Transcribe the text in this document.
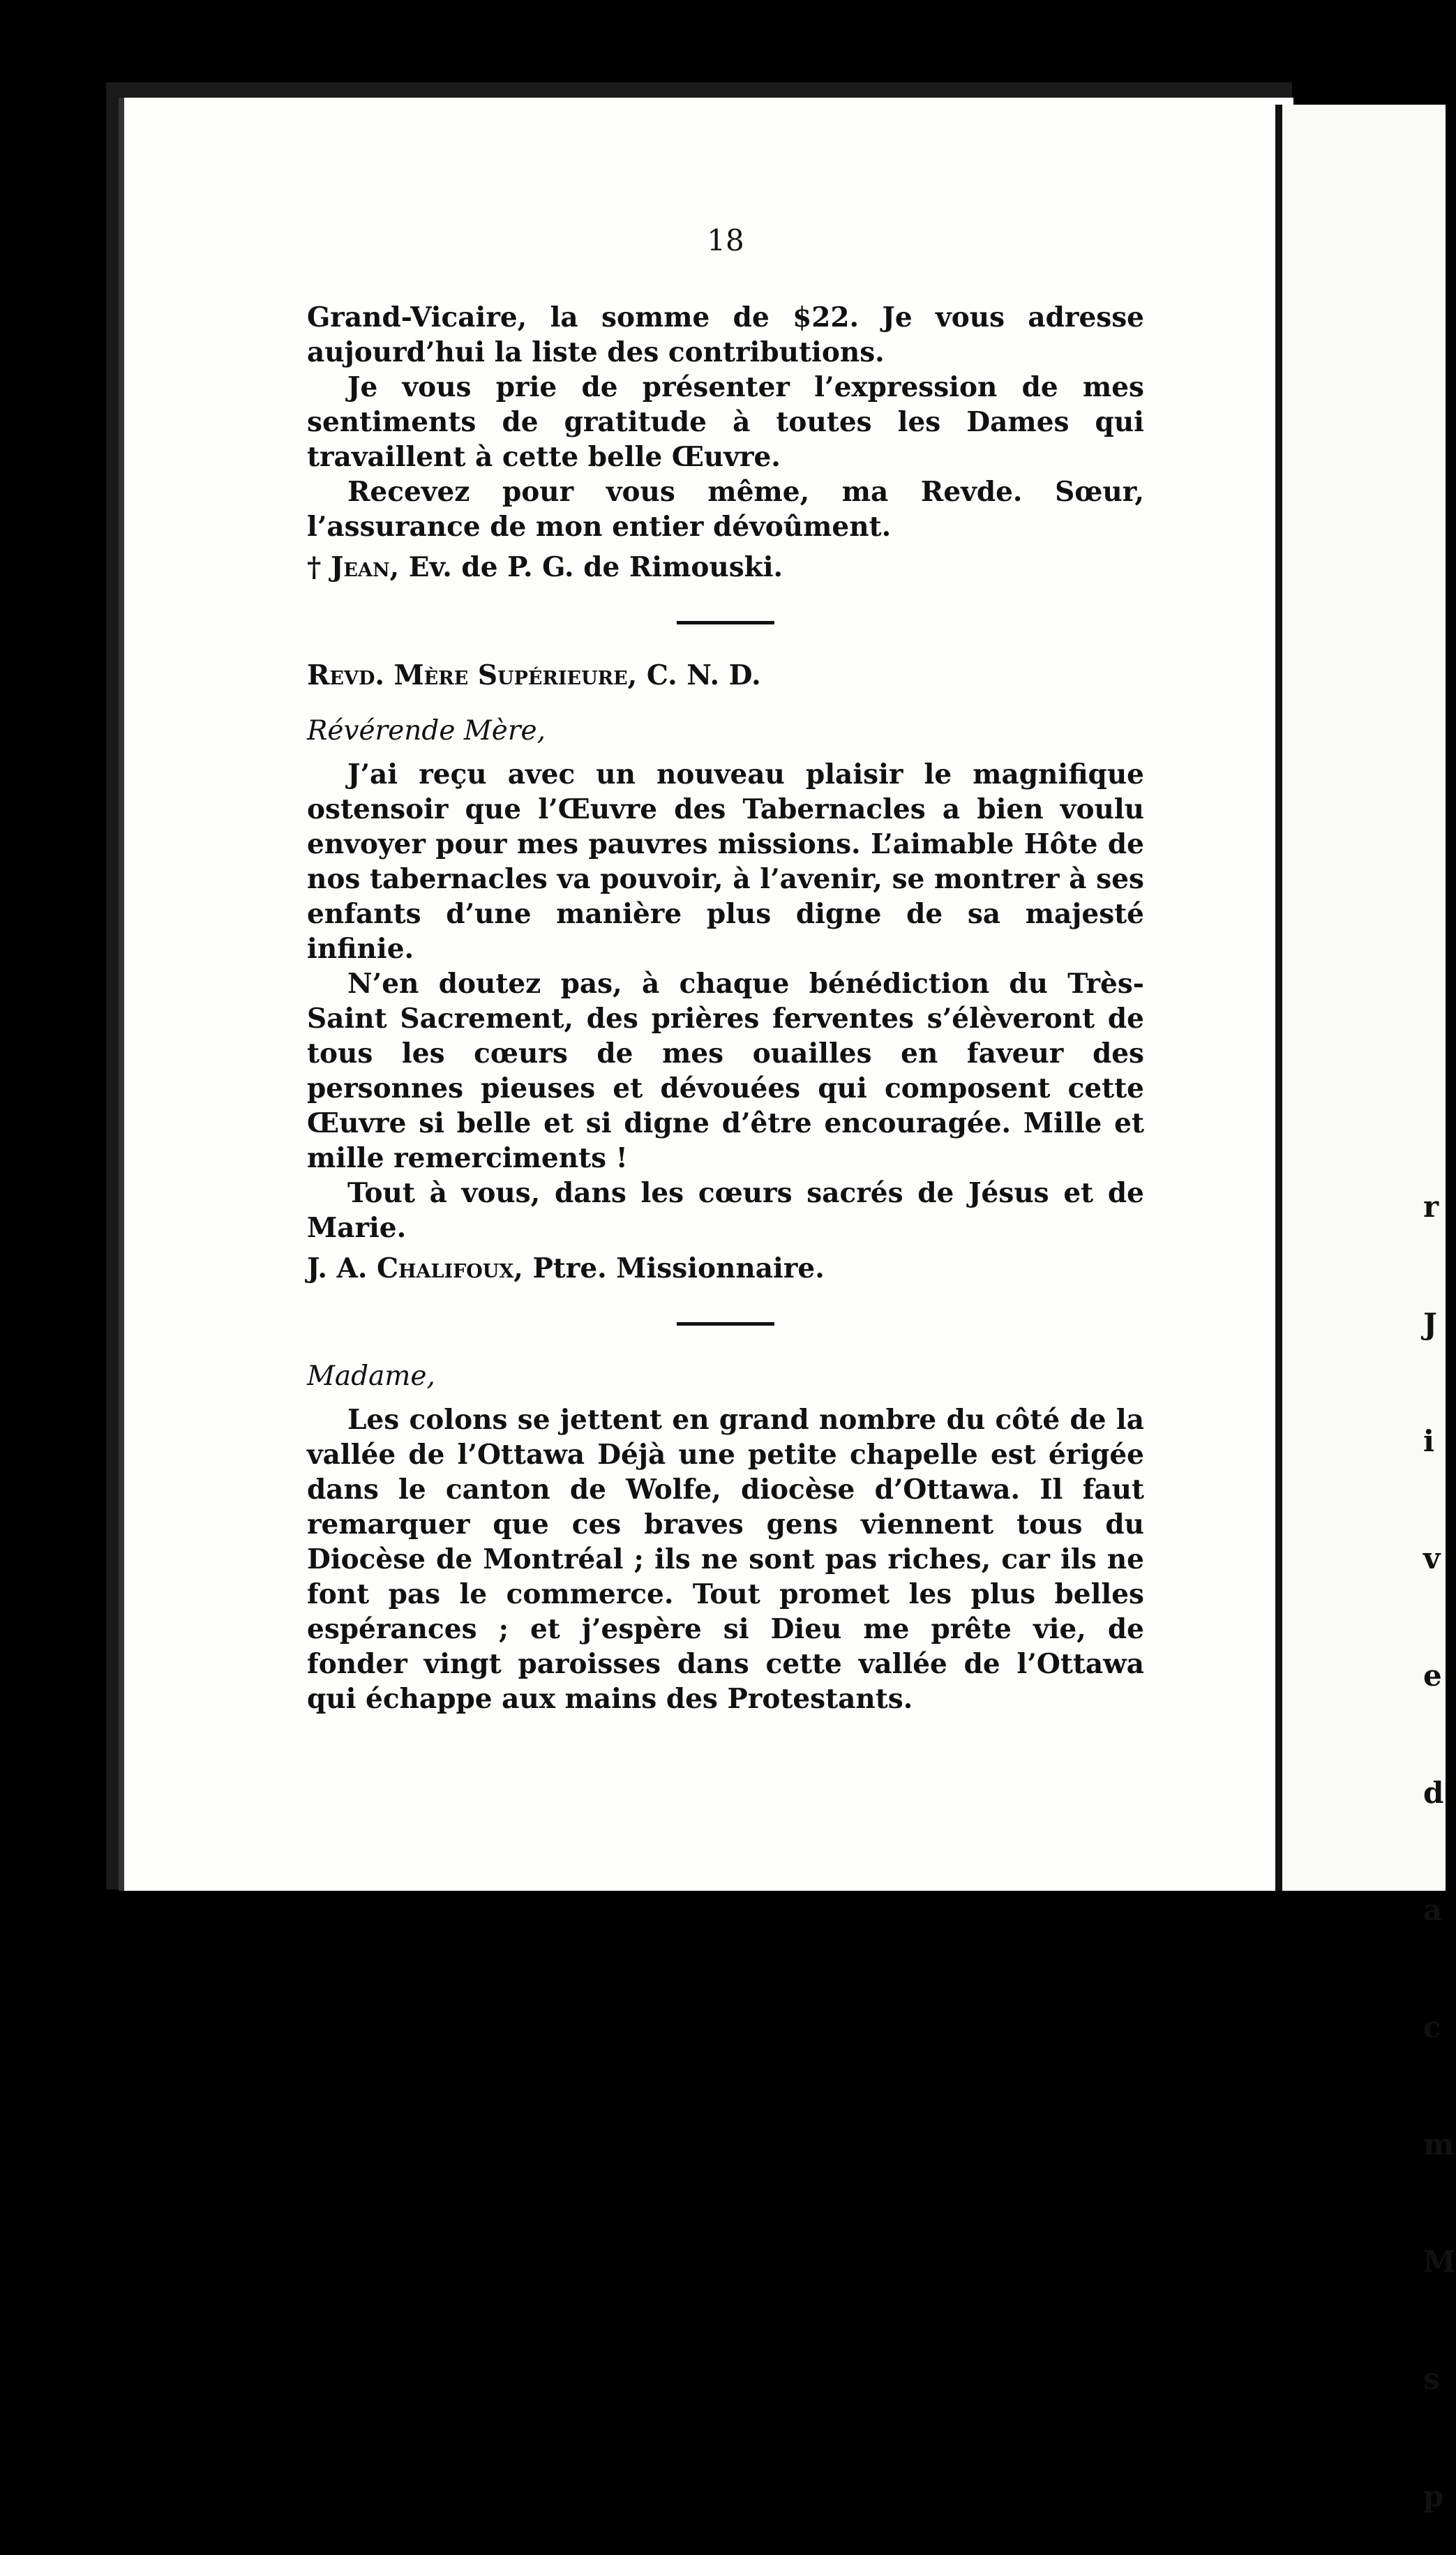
r

J

i

v

e

d

a

c

m

M

s

p

18

Grand-Vicaire, la somme de $22. Je vous adresse aujourd’hui la liste des contributions.

Je vous prie de présenter l’expression de mes sentiments de gratitude à toutes les Dames qui travaillent à cette belle Œuvre.

Recevez pour vous même, ma Revde. Sœur, l’assurance de mon entier dévoûment.

† Jean, Ev. de P. G. de Rimouski.

Revd. Mère Supérieure, C. N. D.

Révérende Mère,

J’ai reçu avec un nouveau plaisir le magnifique ostensoir que l’Œuvre des Tabernacles a bien voulu envoyer pour mes pauvres missions. L’aimable Hôte de nos tabernacles va pouvoir, à l’avenir, se montrer à ses enfants d’une manière plus digne de sa majesté infinie.

N’en doutez pas, à chaque bénédiction du Très-Saint Sacrement, des prières ferventes s’élèveront de tous les cœurs de mes ouailles en faveur des personnes pieuses et dévouées qui composent cette Œuvre si belle et si digne d’être encouragée. Mille et mille remerciments !

Tout à vous, dans les cœurs sacrés de Jésus et de Marie.

J. A. Chalifoux, Ptre. Missionnaire.

Madame,

Les colons se jettent en grand nombre du côté de la vallée de l’Ottawa Déjà une petite chapelle est érigée dans le canton de Wolfe, diocèse d’Ottawa. Il faut remarquer que ces braves gens viennent tous du Diocèse de Montréal ; ils ne sont pas riches, car ils ne font pas le commerce. Tout promet les plus belles espérances ; et j’espère si Dieu me prête vie, de fonder vingt paroisses dans cette vallée de l’Ottawa qui échappe aux mains des Protestants.
